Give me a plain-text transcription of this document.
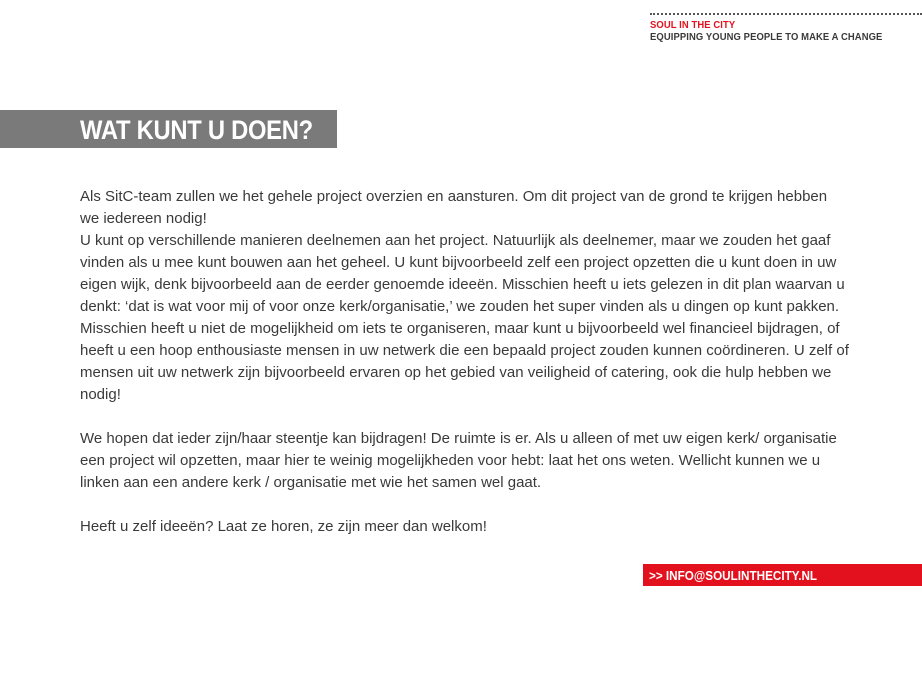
SOUL IN THE CITY
EQUIPPING YOUNG PEOPLE TO MAKE A CHANGE
WAT KUNT U DOEN?

Als SitC-team zullen we het gehele project overzien en aansturen. Om dit project van de grond te krijgen hebben we iedereen nodig!

U kunt op verschillende manieren deelnemen aan het project. Natuurlijk als deelnemer, maar we zouden het gaaf vinden als u mee kunt bouwen aan het geheel. U kunt bijvoorbeeld zelf een project opzetten die u kunt doen in uw eigen wijk, denk bijvoorbeeld aan de eerder genoemde ideeën. Misschien heeft u iets gelezen in dit plan waarvan u denkt: ‘dat is wat voor mij of voor onze kerk/organisatie,’ we zouden het super vinden als u dingen op kunt pakken. Misschien heeft u niet de mogelijkheid om iets te organiseren, maar kunt u bijvoorbeeld wel financieel bijdragen, of heeft u een hoop enthousiaste mensen in uw netwerk die een bepaald project zouden kunnen coördineren. U zelf of mensen uit uw netwerk zijn bijvoorbeeld ervaren op het gebied van veiligheid of catering, ook die hulp hebben we nodig!

We hopen dat ieder zijn/haar steentje kan bijdragen! De ruimte is er. Als u alleen of met uw eigen kerk/ organisatie een project wil opzetten, maar hier te weinig mogelijkheden voor hebt: laat het ons weten. Wellicht kunnen we u linken aan een andere kerk / organisatie met wie het samen wel gaat.

Heeft u zelf ideeën? Laat ze horen, ze zijn meer dan welkom!

>> INFO@SOULINTHECITY.NL
